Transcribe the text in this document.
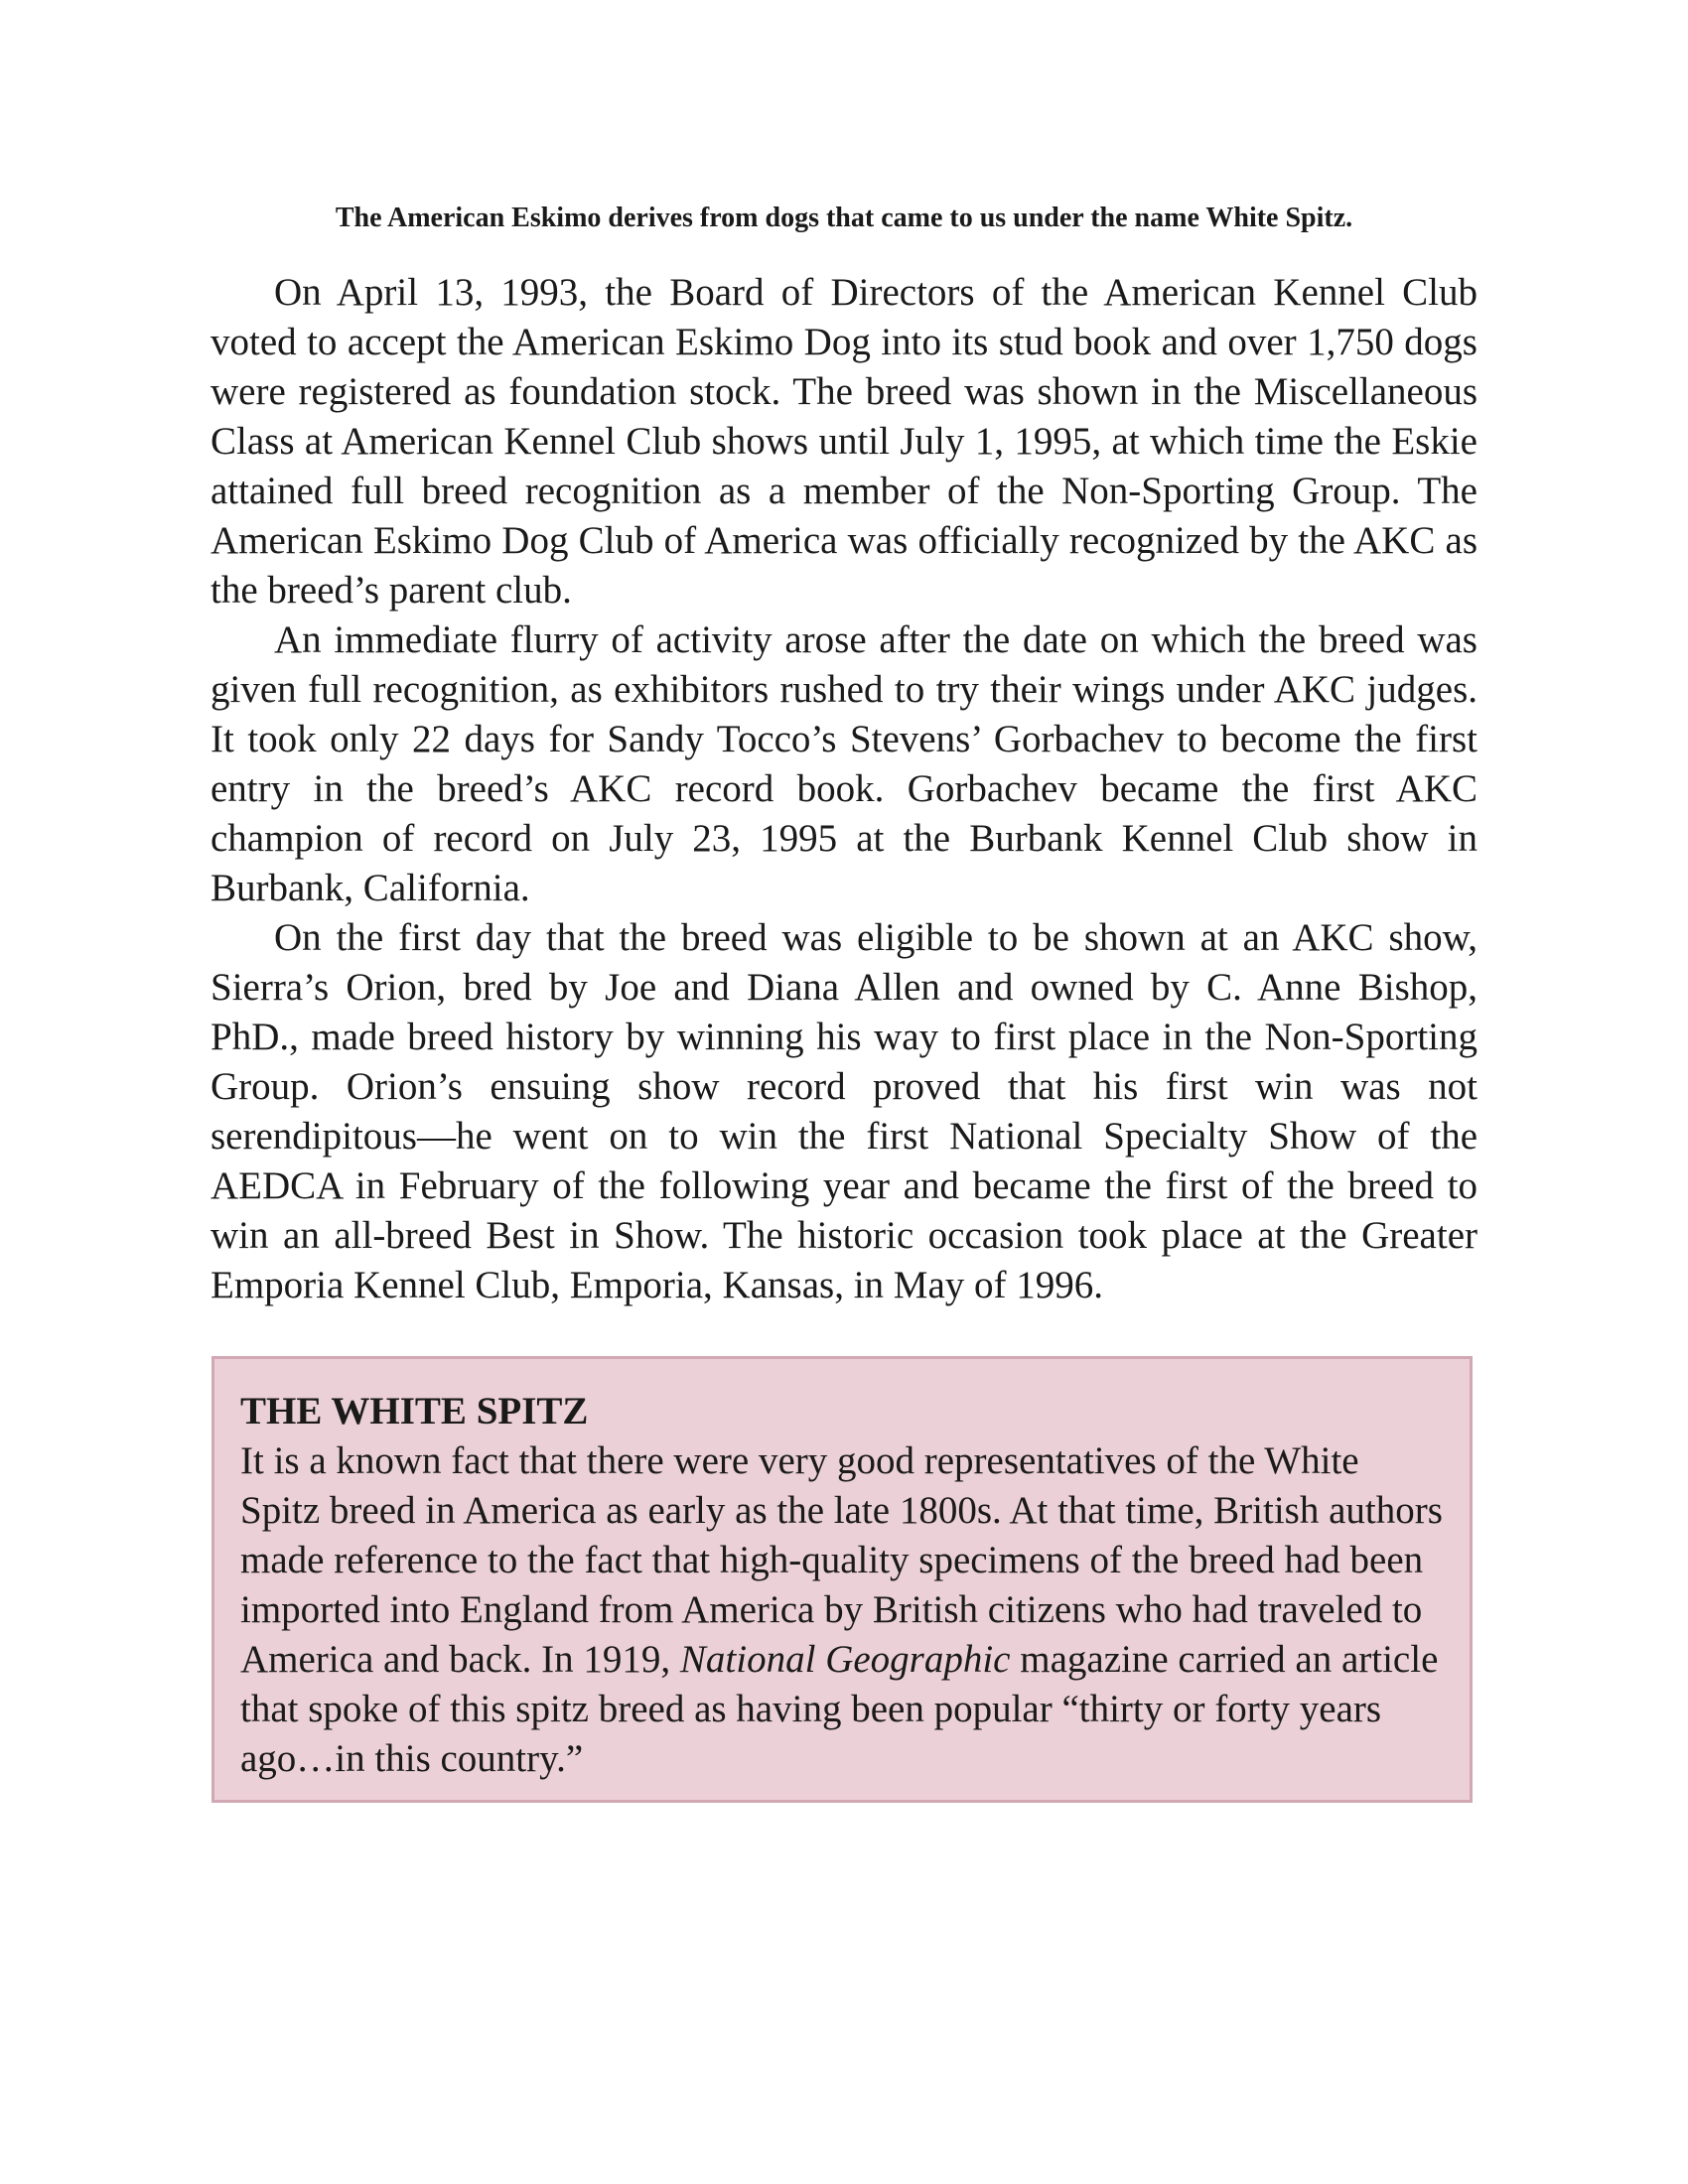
The American Eskimo derives from dogs that came to us under the name White Spitz.

On April 13, 1993, the Board of Directors of the American Kennel Club voted to accept the American Eskimo Dog into its stud book and over 1,750 dogs were registered as foundation stock. The breed was shown in the Miscellaneous Class at American Kennel Club shows until July 1, 1995, at which time the Eskie attained full breed recognition as a member of the Non-Sporting Group. The American Eskimo Dog Club of America was officially recognized by the AKC as the breed’s parent club.

An immediate flurry of activity arose after the date on which the breed was given full recognition, as exhibitors rushed to try their wings under AKC judges. It took only 22 days for Sandy Tocco’s Stevens’ Gorbachev to become the first entry in the breed’s AKC record book. Gorbachev became the first AKC champion of record on July 23, 1995 at the Burbank Kennel Club show in Burbank, California.

On the first day that the breed was eligible to be shown at an AKC show, Sierra’s Orion, bred by Joe and Diana Allen and owned by C. Anne Bishop, PhD., made breed history by winning his way to first place in the Non-Sporting Group. Orion’s ensuing show record proved that his first win was not serendipitous—he went on to win the first National Specialty Show of the AEDCA in February of the following year and became the first of the breed to win an all-breed Best in Show. The historic occasion took place at the Greater Emporia Kennel Club, Emporia, Kansas, in May of 1996.

THE WHITE SPITZ

It is a known fact that there were very good representatives of the White Spitz breed in America as early as the late 1800s. At that time, British authors made reference to the fact that high-quality specimens of the breed had been imported into England from America by British citizens who had traveled to America and back. In 1919, National Geographic magazine carried an article that spoke of this spitz breed as having been popular “thirty or forty years ago…in this country.”
